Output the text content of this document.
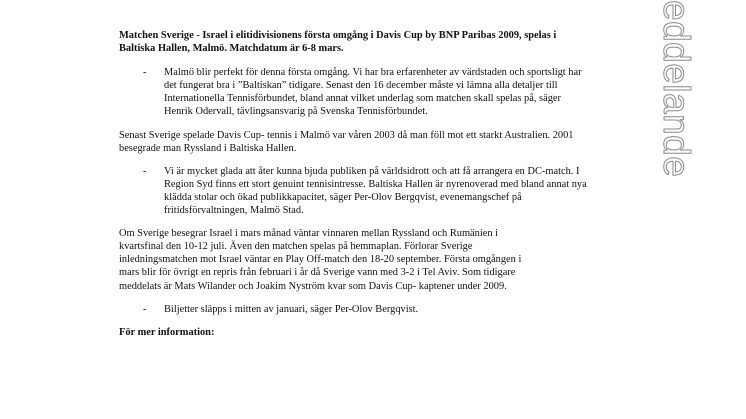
Matchen Sverige - Israel i elitidivisionens första omgång i Davis Cup by BNP Paribas 2009, spelas i Baltiska Hallen, Malmö. Matchdatum är 6-8 mars.

- Malmö blir perfekt för denna första omgång. Vi har bra erfarenheter av värdstaden och sportsligt har det fungerat bra i ”Baltiskan” tidigare. Senast den 16 december måste vi lämna alla detaljer till Internationella Tennisförbundet, bland annat vilket underlag som matchen skall spelas på, säger Henrik Odervall, tävlingsansvarig på Svenska Tennisförbundet.

Senast Sverige spelade Davis Cup- tennis i Malmö var våren 2003 då man föll mot ett starkt Australien. 2001 besegrade man Ryssland i Baltiska Hallen.

- Vi är mycket glada att åter kunna bjuda publiken på världsidrott och att få arrangera en DC-match. I Region Syd finns ett stort genuint tennisintresse. Baltiska Hallen är nyrenoverad med bland annat nya klädda stolar och ökad publikkapacitet, säger Per-Olov Bergqvist, evenemangschef på fritidsförvaltningen, Malmö Stad.

Om Sverige besegrar Israel i mars månad väntar vinnaren mellan Ryssland och Rumänien i kvartsfinal den 10-12 juli. Även den matchen spelas på hemmaplan. Förlorar Sverige inledningsmatchen mot Israel väntar en Play Off-match den 18-20 september. Första omgången i mars blir för övrigt en repris från februari i år då Sverige vann med 3-2 i Tel Aviv. Som tidigare meddelats är Mats Wilander och Joakim Nyström kvar som Davis Cup- kaptener under 2009.

- Biljetter släpps i mitten av januari, säger Per-Olov Bergqvist.

För mer information:

eddelande
